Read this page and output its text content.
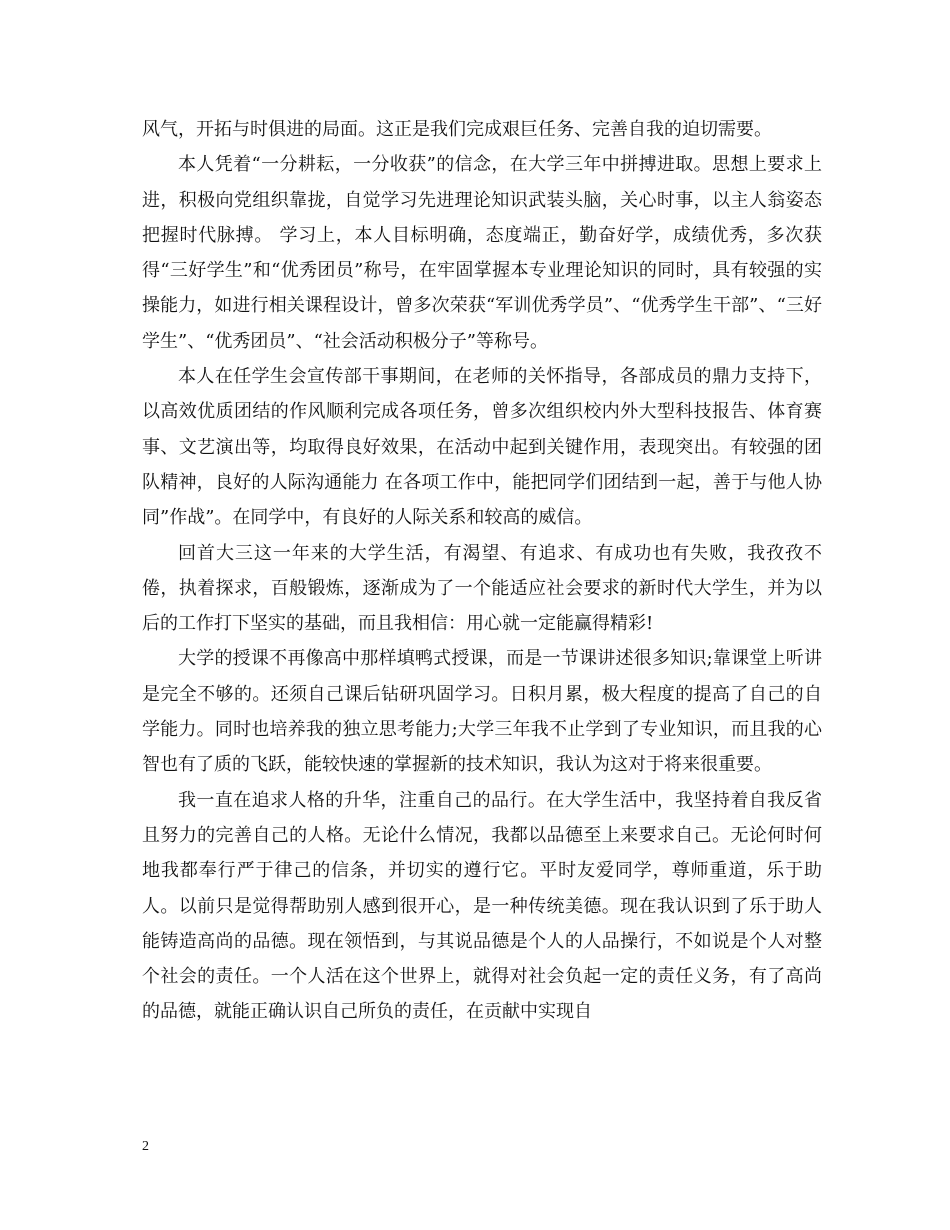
风气，开拓与时俱进的局面。这正是我们完成艰巨任务、完善自我的迫切需要。

本人凭着“一分耕耘，一分收获”的信念，在大学三年中拼搏进取。思想上要求上进，积极向党组织靠拢，自觉学习先进理论知识武装头脑，关心时事，以主人翁姿态把握时代脉搏。 学习上，本人目标明确，态度端正，勤奋好学，成绩优秀，多次获得“三好学生”和“优秀团员”称号，在牢固掌握本专业理论知识的同时，具有较强的实操能力，如进行相关课程设计，曾多次荣获“军训优秀学员”、“优秀学生干部”、“三好学生”、“优秀团员”、“社会活动积极分子”等称号。

本人在任学生会宣传部干事期间，在老师的关怀指导，各部成员的鼎力支持下，以高效优质团结的作风顺利完成各项任务，曾多次组织校内外大型科技报告、体育赛事、文艺演出等，均取得良好效果，在活动中起到关键作用，表现突出。有较强的团队精神，良好的人际沟通能力 在各项工作中，能把同学们团结到一起，善于与他人协同”作战”。在同学中，有良好的人际关系和较高的威信。

回首大三这一年来的大学生活，有渴望、有追求、有成功也有失败，我孜孜不倦，执着探求，百般锻炼，逐渐成为了一个能适应社会要求的新时代大学生，并为以后的工作打下坚实的基础，而且我相信：用心就一定能赢得精彩!

大学的授课不再像高中那样填鸭式授课，而是一节课讲述很多知识;靠课堂上听讲是完全不够的。还须自己课后钻研巩固学习。日积月累，极大程度的提高了自己的自学能力。同时也培养我的独立思考能力;大学三年我不止学到了专业知识，而且我的心智也有了质的飞跃，能较快速的掌握新的技术知识，我认为这对于将来很重要。

我一直在追求人格的升华，注重自己的品行。在大学生活中，我坚持着自我反省且努力的完善自己的人格。无论什么情况，我都以品德至上来要求自己。无论何时何地我都奉行严于律己的信条，并切实的遵行它。平时友爱同学，尊师重道，乐于助人。以前只是觉得帮助别人感到很开心，是一种传统美德。现在我认识到了乐于助人能铸造高尚的品德。现在领悟到，与其说品德是个人的人品操行，不如说是个人对整个社会的责任。一个人活在这个世界上，就得对社会负起一定的责任义务，有了高尚的品德，就能正确认识自己所负的责任，在贡献中实现自

2
